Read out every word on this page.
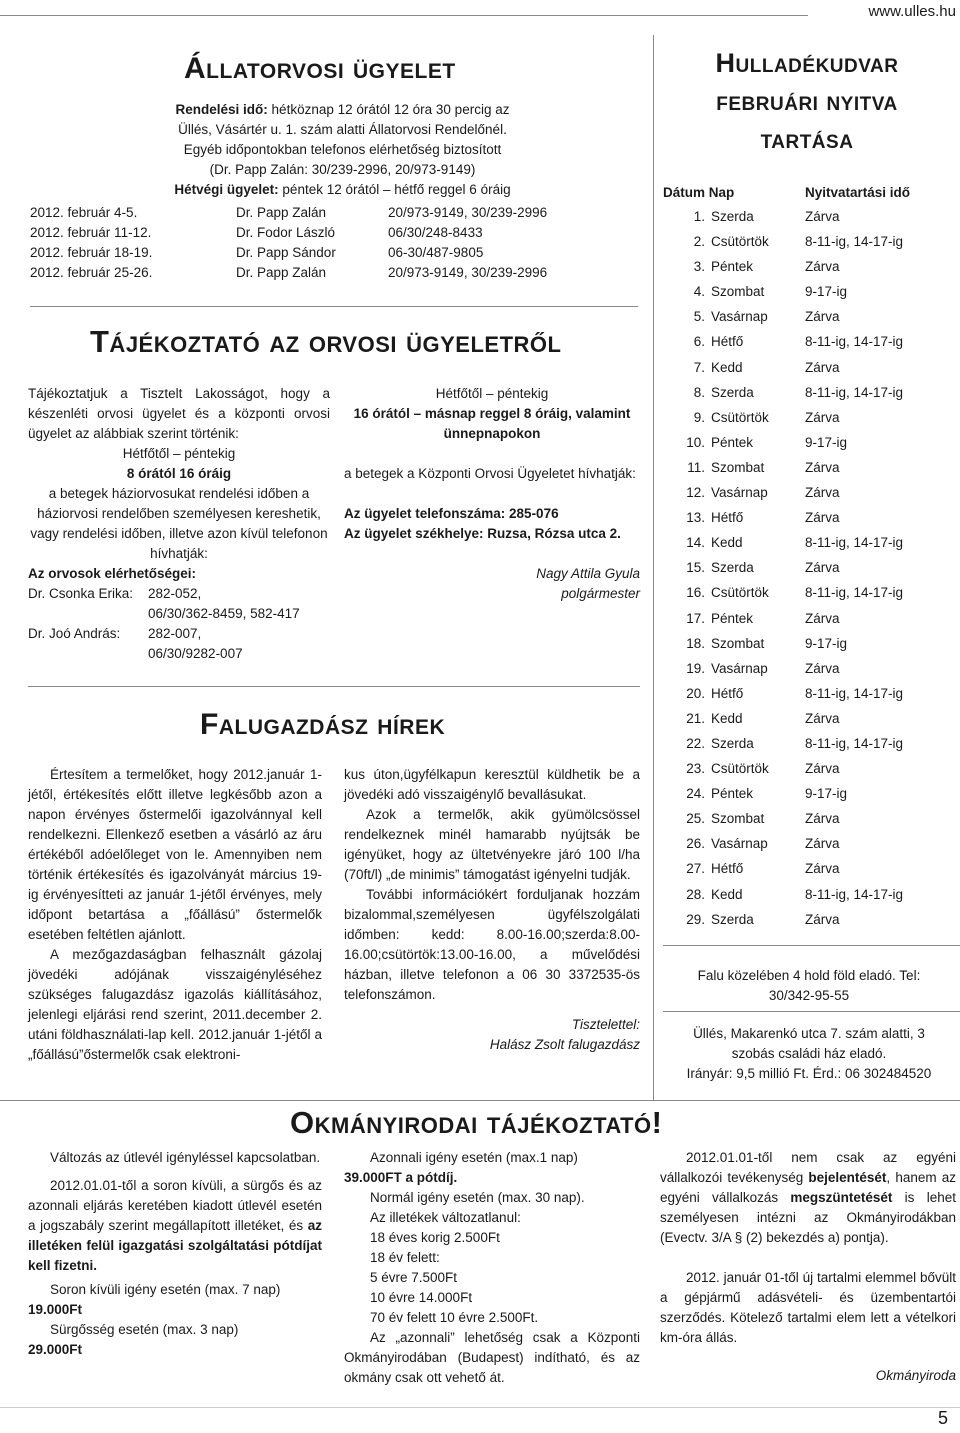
www.ulles.hu
Állatorvosi ügyelet

Rendelési idő: hétköznap 12 órától 12 óra 30 percig az

Üllés, Vásártér u. 1. szám alatti Állatorvosi Rendelőnél.

Egyéb időpontokban telefonos elérhetőség biztosított

(Dr. Papp Zalán: 30/239-2996, 20/973-9149)

Hétvégi ügyelet: péntek 12 órától – hétfő reggel 6 óráig

2012. február 4-5.	Dr. Papp Zalán	20/973-9149, 30/239-2996
2012. február 11-12.	Dr. Fodor László	06/30/248-8433
2012. február 18-19.	Dr. Papp Sándor	06-30/487-9805
2012. február 25-26.	Dr. Papp Zalán	20/973-9149, 30/239-2996
Tájékoztató az orvosi ügyeletről

Tájékoztatjuk a Tisztelt Lakosságot, hogy a készenléti orvosi ügyelet és a központi orvosi ügyelet az alábbiak szerint történik:

Hétfőtől – péntekig

8 órától 16 óráig

a betegek háziorvosukat rendelési időben a háziorvosi rendelőben személyesen kereshetik, vagy rendelési időben, illetve azon kívül telefonon hívhatják:

Az orvosok elérhetőségei:

Dr. Csonka Erika:	282-052,
06/30/362-8459, 582-417
Dr. Joó András:	282-007,
06/30/9282-007

Hétfőtől – péntekig

16 órától – másnap reggel 8 óráig, valamint ünnepnapokon

a betegek a Központi Orvosi Ügyeletet hívhatják:

Az ügyelet telefonszáma: 285-076

Az ügyelet székhelye: Ruzsa, Rózsa utca 2.

Nagy Attila Gyula

polgármester

Falugazdász hírek

Értesítem a termelőket, hogy 2012.január 1-jétől, értékesítés előtt illetve legkésőbb azon a napon érvényes őstermelői igazolvánnyal kell rendelkezni. Ellenkező esetben a vásárló az áru értékéből adóelőleget von le. Amennyiben nem történik értékesítés és igazolványát március 19-ig érvényesítteti az január 1-jétől érvényes, mely időpont betartása a „főállású” őstermelők esetében feltétlen ajánlott.

A mezőgazdaságban felhasznált gázolaj jövedéki adójának visszaigényléséhez szükséges falugazdász igazolás kiállításához, jelenlegi eljárási rend szerint, 2011.december 2. utáni földhasználati-lap kell. 2012.január 1-jétől a „főállású”őstermelők csak elektroni-

kus úton,ügyfélkapun keresztül küldhetik be a jövedéki adó visszaigénylő bevallásukat.

Azok a termelők, akik gyümölcsössel rendelkeznek minél hamarabb nyújtsák be igényüket, hogy az ültetvényekre járó 100 l/ha (70ft/l) „de minimis” támogatást igényelni tudják.

További információkért forduljanak hozzám bizalommal,személyesen ügyfélszolgálati időmben: kedd: 8.00-16.00;szerda:8.00-16.00;csütörtök:13.00-16.00, a művelődési házban, illetve telefonon a 06 30 3372535-ös telefonszámon.

Tisztelettel:

Halász Zsolt falugazdász

Hulladékudvar
februári nyitva
tartása
Dátum Nap	Nyitvatartási idő
1. Szerda	Zárva
2. Csütörtök	8-11-ig, 14-17-ig
3. Péntek	Zárva
4. Szombat	9-17-ig
5. Vasárnap	Zárva
6. Hétfő	8-11-ig, 14-17-ig
7. Kedd	Zárva
8. Szerda	8-11-ig, 14-17-ig
9. Csütörtök	Zárva
10. Péntek	9-17-ig
11. Szombat	Zárva
12. Vasárnap	Zárva
13. Hétfő	Zárva
14. Kedd	8-11-ig, 14-17-ig
15. Szerda	Zárva
16. Csütörtök	8-11-ig, 14-17-ig
17. Péntek	Zárva
18. Szombat	9-17-ig
19. Vasárnap	Zárva
20. Hétfő	8-11-ig, 14-17-ig
21. Kedd	Zárva
22. Szerda	8-11-ig, 14-17-ig
23. Csütörtök	Zárva
24. Péntek	9-17-ig
25. Szombat	Zárva
26. Vasárnap	Zárva
27. Hétfő	Zárva
28. Kedd	8-11-ig, 14-17-ig
29. Szerda	Zárva

Falu közelében 4 hold föld eladó. Tel:

30/342-95-55

Üllés, Makarenkó utca 7. szám alatti, 3

szobás családi ház eladó.

Irányár: 9,5 millió Ft. Érd.: 06 302484520

Okmányirodai tájékoztató!

Változás az útlevél igényléssel kapcsolatban.

2012.01.01-től a soron kívüli, a sürgős és az azonnali eljárás keretében kiadott útlevél esetén a jogszabály szerint megállapított illetéket, és az illetéken felül igazgatási szolgáltatási pótdíjat kell fizetni.

Soron kívüli igény esetén (max. 7 nap)

19.000Ft

Sürgősség esetén (max. 3 nap)

29.000Ft

Azonnali igény esetén (max.1 nap)

39.000FT a pótdíj.

Normál igény esetén (max. 30 nap).

Az illetékek változatlanul:

18 éves korig 2.500Ft

18 év felett:

5 évre 7.500Ft

10 évre 14.000Ft

70 év felett 10 évre 2.500Ft.

Az „azonnali” lehetőség csak a Központi Okmányirodában (Budapest) indítható, és az okmány csak ott vehető át.

2012.01.01-től nem csak az egyéni vállalkozói tevékenység bejelentését, hanem az egyéni vállalkozás megszüntetését is lehet személyesen intézni az Okmányirodákban (Evectv. 3/A § (2) bekezdés a) pontja).

2012. január 01-től új tartalmi elemmel bővült a gépjármű adásvételi- és üzembentartói szerződés. Kötelező tartalmi elem lett a vételkori km-óra állás.

Okmányiroda

5
